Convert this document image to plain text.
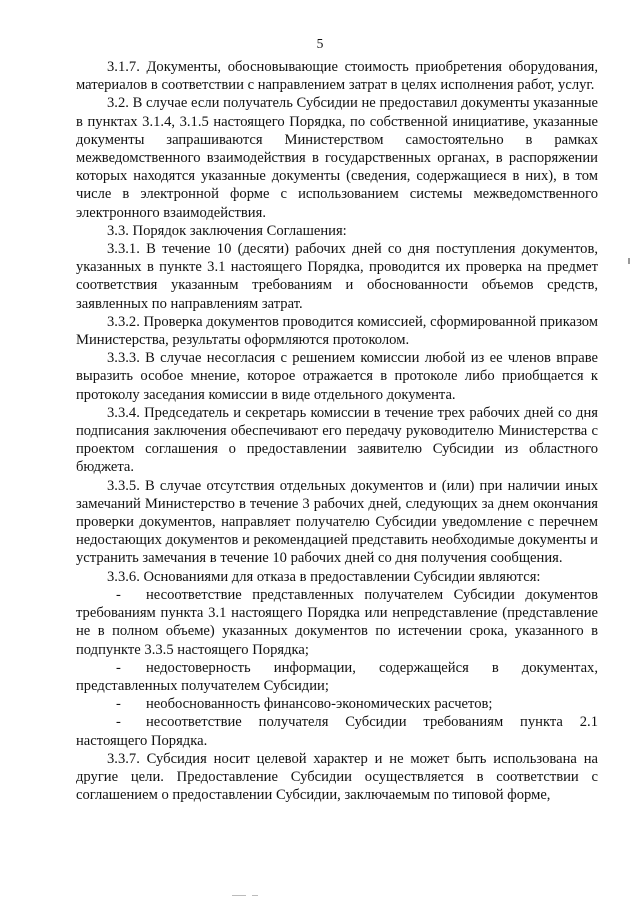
5

3.1.7. Документы, обосновывающие стоимость приобретения оборудования, материалов в соответствии с направлением затрат в целях исполнения работ, услуг.

3.2. В случае если получатель Субсидии не предоставил документы указанные в пунктах 3.1.4, 3.1.5 настоящего Порядка, по собственной инициативе, указанные документы запрашиваются Министерством самостоятельно в рамках межведомственного взаимодействия в государственных органах, в распоряжении которых находятся указанные документы (сведения, содержащиеся в них), в том числе в электронной форме с использованием системы межведомственного электронного взаимодействия.

3.3. Порядок заключения Соглашения:

3.3.1. В течение 10 (десяти) рабочих дней со дня поступления документов, указанных в пункте 3.1 настоящего Порядка, проводится их проверка на предмет соответствия указанным требованиям и обоснованности объемов средств, заявленных по направлениям затрат.

3.3.2. Проверка документов проводится комиссией, сформированной приказом Министерства, результаты оформляются протоколом.

3.3.3. В случае несогласия с решением комиссии любой из ее членов вправе выразить особое мнение, которое отражается в протоколе либо приобщается к протоколу заседания комиссии в виде отдельного документа.

3.3.4. Председатель и секретарь комиссии в течение трех рабочих дней со дня подписания заключения обеспечивают его передачу руководителю Министерства с проектом соглашения о предоставлении заявителю Субсидии из областного бюджета.

3.3.5. В случае отсутствия отдельных документов и (или) при наличии иных замечаний Министерство в течение 3 рабочих дней, следующих за днем окончания проверки документов, направляет получателю Субсидии уведомление с перечнем недостающих документов и рекомендацией представить необходимые документы и устранить замечания в течение 10 рабочих дней со дня получения сообщения.

3.3.6. Основаниями для отказа в предоставлении Субсидии являются:

- несоответствие представленных получателем Субсидии документов требованиям пункта 3.1 настоящего Порядка или непредставление (представление не в полном объеме) указанных документов по истечении срока, указанного в подпункте 3.3.5 настоящего Порядка;

- недостоверность информации, содержащейся в документах, представленных получателем Субсидии;

- необоснованность финансово-экономических расчетов;

- несоответствие получателя Субсидии требованиям пункта 2.1 настоящего Порядка.

3.3.7. Субсидия носит целевой характер и не может быть использована на другие цели. Предоставление Субсидии осуществляется в соответствии с соглашением о предоставлении Субсидии, заключаемым по типовой форме,
